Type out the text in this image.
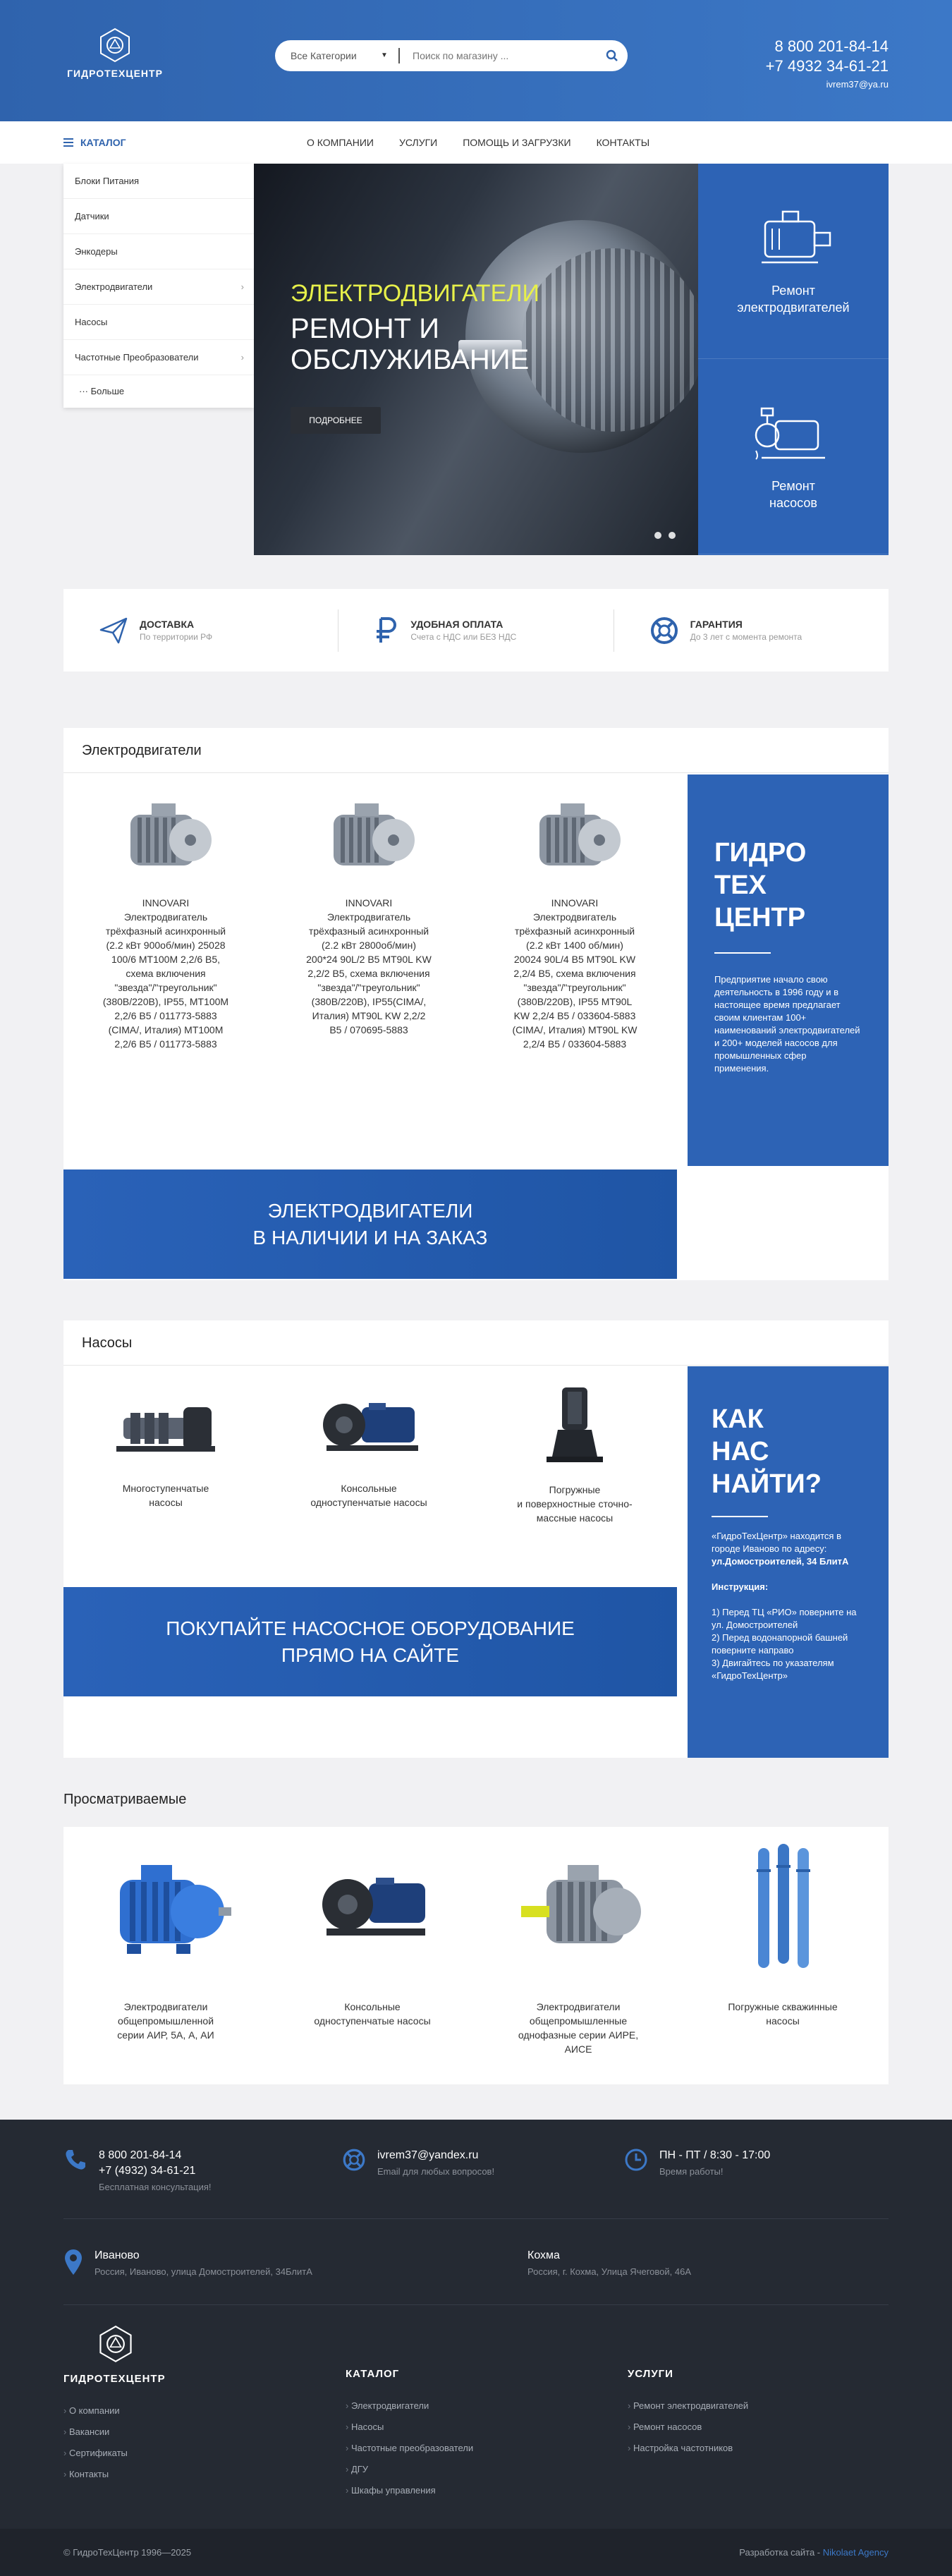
ГИДРОТЕХЦЕНТР
Все Категории	▼
Поиск по магазину ...
8 800 201-84-14
+7 4932 34-61-21
ivrem37@ya.ru
КАТАЛОГ	О КОМПАНИИ	УСЛУГИ	ПОМОЩЬ И ЗАГРУЗКИ	КОНТАКТЫ
Блоки Питания
Датчики
Энкодеры
Электродвигатели	›
Насосы
Частотные Преобразователи	›
··· Больше
ЭЛЕКТРОДВИГАТЕЛИ
РЕМОНТ И
ОБСЛУЖИВАНИЕ
ПОДРОБНЕЕ
Ремонт
электродвигателей
Ремонт
насосов
ДОСТАВКА
По территории РФ
УДОБНАЯ ОПЛАТА
Счета с НДС или БЕЗ НДС
ГАРАНТИЯ
До 3 лет с момента ремонта
Электродвигатели
INNOVARI Электродвигатель трёхфазный асинхронный (2.2 кВт 900об/мин) 25028 100/6 MT100M 2,2/6 B5, схема включения "звезда"/"треугольник" (380В/220В), IP55, MT100M 2,2/6 B5 / 011773-5883 (CIMA/, Италия) MT100M 2,2/6 B5 / 011773-5883
INNOVARI Электродвигатель трёхфазный асинхронный (2.2 кВт 2800об/мин) 200*24 90L/2 B5 MT90L KW 2,2/2 B5, схема включения "звезда"/"треугольник" (380В/220В), IP55(CIMA/, Италия) MT90L KW 2,2/2 B5 / 070695-5883
INNOVARI Электродвигатель трёхфазный асинхронный (2.2 кВт 1400 об/мин) 20024 90L/4 B5 MT90L KW 2,2/4 B5, схема включения "звезда"/"треугольник" (380В/220В), IP55 MT90L KW 2,2/4 B5 / 033604-5883 (CIMA/, Италия) MT90L KW 2,2/4 B5 / 033604-5883
ЭЛЕКТРОДВИГАТЕЛИ
В НАЛИЧИИ И НА ЗАКАЗ
ГИДРО
ТЕХ
ЦЕНТР
Предприятие начало свою деятельность в 1996 году и в настоящее время предлагает своим клиентам 100+ наименований электродвигателей и 200+ моделей насосов для промышленных сфер применения.
Насосы
Многоступенчатые
насосы
Консольные
одноступенчатые насосы
Погружные
и поверхностные сточно-
массные насосы
ПОКУПАЙТЕ НАСОСНОЕ ОБОРУДОВАНИЕ
ПРЯМО НА САЙТЕ
КАК
НАС
НАЙТИ?
«ГидроТехЦентр» находится в городе Иваново по адресу: ул.Домостроителей, 34 БлитА
Инструкция:
1) Перед ТЦ «РИО» поверните на ул. Домостроителей
2) Перед водонапорной башней поверните направо
3) Двигайтесь по указателям «ГидроТехЦентр»
Просматриваемые
Электродвигатели
общепромышленной
серии АИР, 5А, А, АИ
Консольные
одноступенчатые насосы
Электродвигатели
общепромышленные
однофазные серии АИРЕ,
АИСЕ
Погружные скважинные
насосы
8 800 201-84-14
+7 (4932) 34-61-21
Бесплатная консультация!
ivrem37@yandex.ru
Email для любых вопросов!
ПН - ПТ / 8:30 - 17:00
Время работы!
Иваново
Россия, Иваново, улица Домостроителей, 34БлитА
Кохма
Россия, г. Кохма, Улица Ячеговой, 46А
ГИДРОТЕХЦЕНТР
› О компании
› Вакансии
› Сертификаты
› Контакты
КАТАЛОГ
› Электродвигатели
› Насосы
› Частотные преобразователи
› ДГУ
› Шкафы управления
УСЛУГИ
› Ремонт электродвигателей
› Ремонт насосов
› Настройка частотников
© ГидроТехЦентр 1996—2025	Разработка сайта - Nikolaet Agency
